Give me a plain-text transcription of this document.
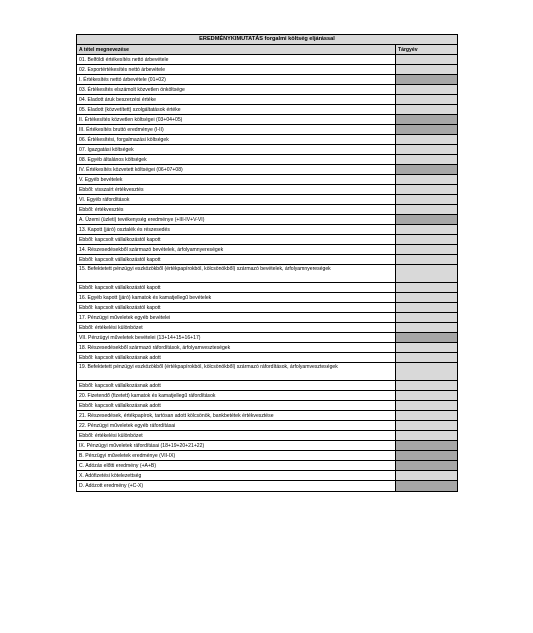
EREDMÉNYKIMUTATÁS forgalmi költség eljárással
A tétel megnevezése	Tárgyév
01. Belföldi értékesítés nettó árbevétele
02. Exportértékesítés nettó árbevétele
I. Értékesítés nettó árbevétele (01+02)
03. Értékesítés elszámolt közvetlen önköltsége
04. Eladott áruk beszerzési értéke
05. Eladott (közvetített) szolgáltatások értéke
II. Értékesítés közvetlen költségei (03+04+05)
III. Értékesítés bruttó eredménye (I-II)
06. Értékesítési, forgalmazási költségek
07. Igazgatási költségek
08. Egyéb általános költségek
IV. Értékesítés közvetett költségei (06+07+08)
V. Egyéb bevételek
Ebből: visszaírt értékvesztés
VI. Egyéb ráfordítások
Ebből: értékvesztés
A. Üzemi (üzleti) tevékenység eredménye (+III-IV+V-VI)
13. Kapott (járó) osztalék és részesedés
Ebből: kapcsolt vállalkozástól kapott
14. Részesedésekből származó bevételek, árfolyamnyereségek
Ebből: kapcsolt vállalkozástól kapott
15. Befektetett pénzügyi eszközökből (értékpapírokból, kölcsönökből) származó bevételek, árfolyamnyereségek
Ebből: kapcsolt vállalkozástól kapott
16. Egyéb kapott (járó) kamatok és kamatjellegű bevételek
Ebből: kapcsolt vállalkozástól kapott
17. Pénzügyi műveletek egyéb bevételei
Ebből: értékelési különbözet
VII. Pénzügyi műveletek bevételei (13+14+15+16+17)
18. Részesedésekből származó ráfordítások, árfolyamveszteségek
Ebből: kapcsolt vállalkozásnak adott
19. Befektetett pénzügyi eszközökből (értékpapírokból, kölcsönökből) származó ráfordítások, árfolyamveszteségek
Ebből: kapcsolt vállalkozásnak adott
20. Fizetendő (fizetett) kamatok és kamatjellegű ráfordítások
Ebből: kapcsolt vállalkozásnak adott
21. Részesedések, értékpapírok, tartósan adott kölcsönök, bankbetétek értékvesztése
22. Pénzügyi műveletek egyéb ráfordításai
Ebből: értékelési különbözet
IX. Pénzügyi műveletek ráfordításai (18+19+20+21+22)
B. Pénzügyi műveletek eredménye (VII-IX)
C. Adózás előtti eredmény (+A+B)
X. Adófizetési kötelezettség
D. Adózott eredmény (+C-X)
